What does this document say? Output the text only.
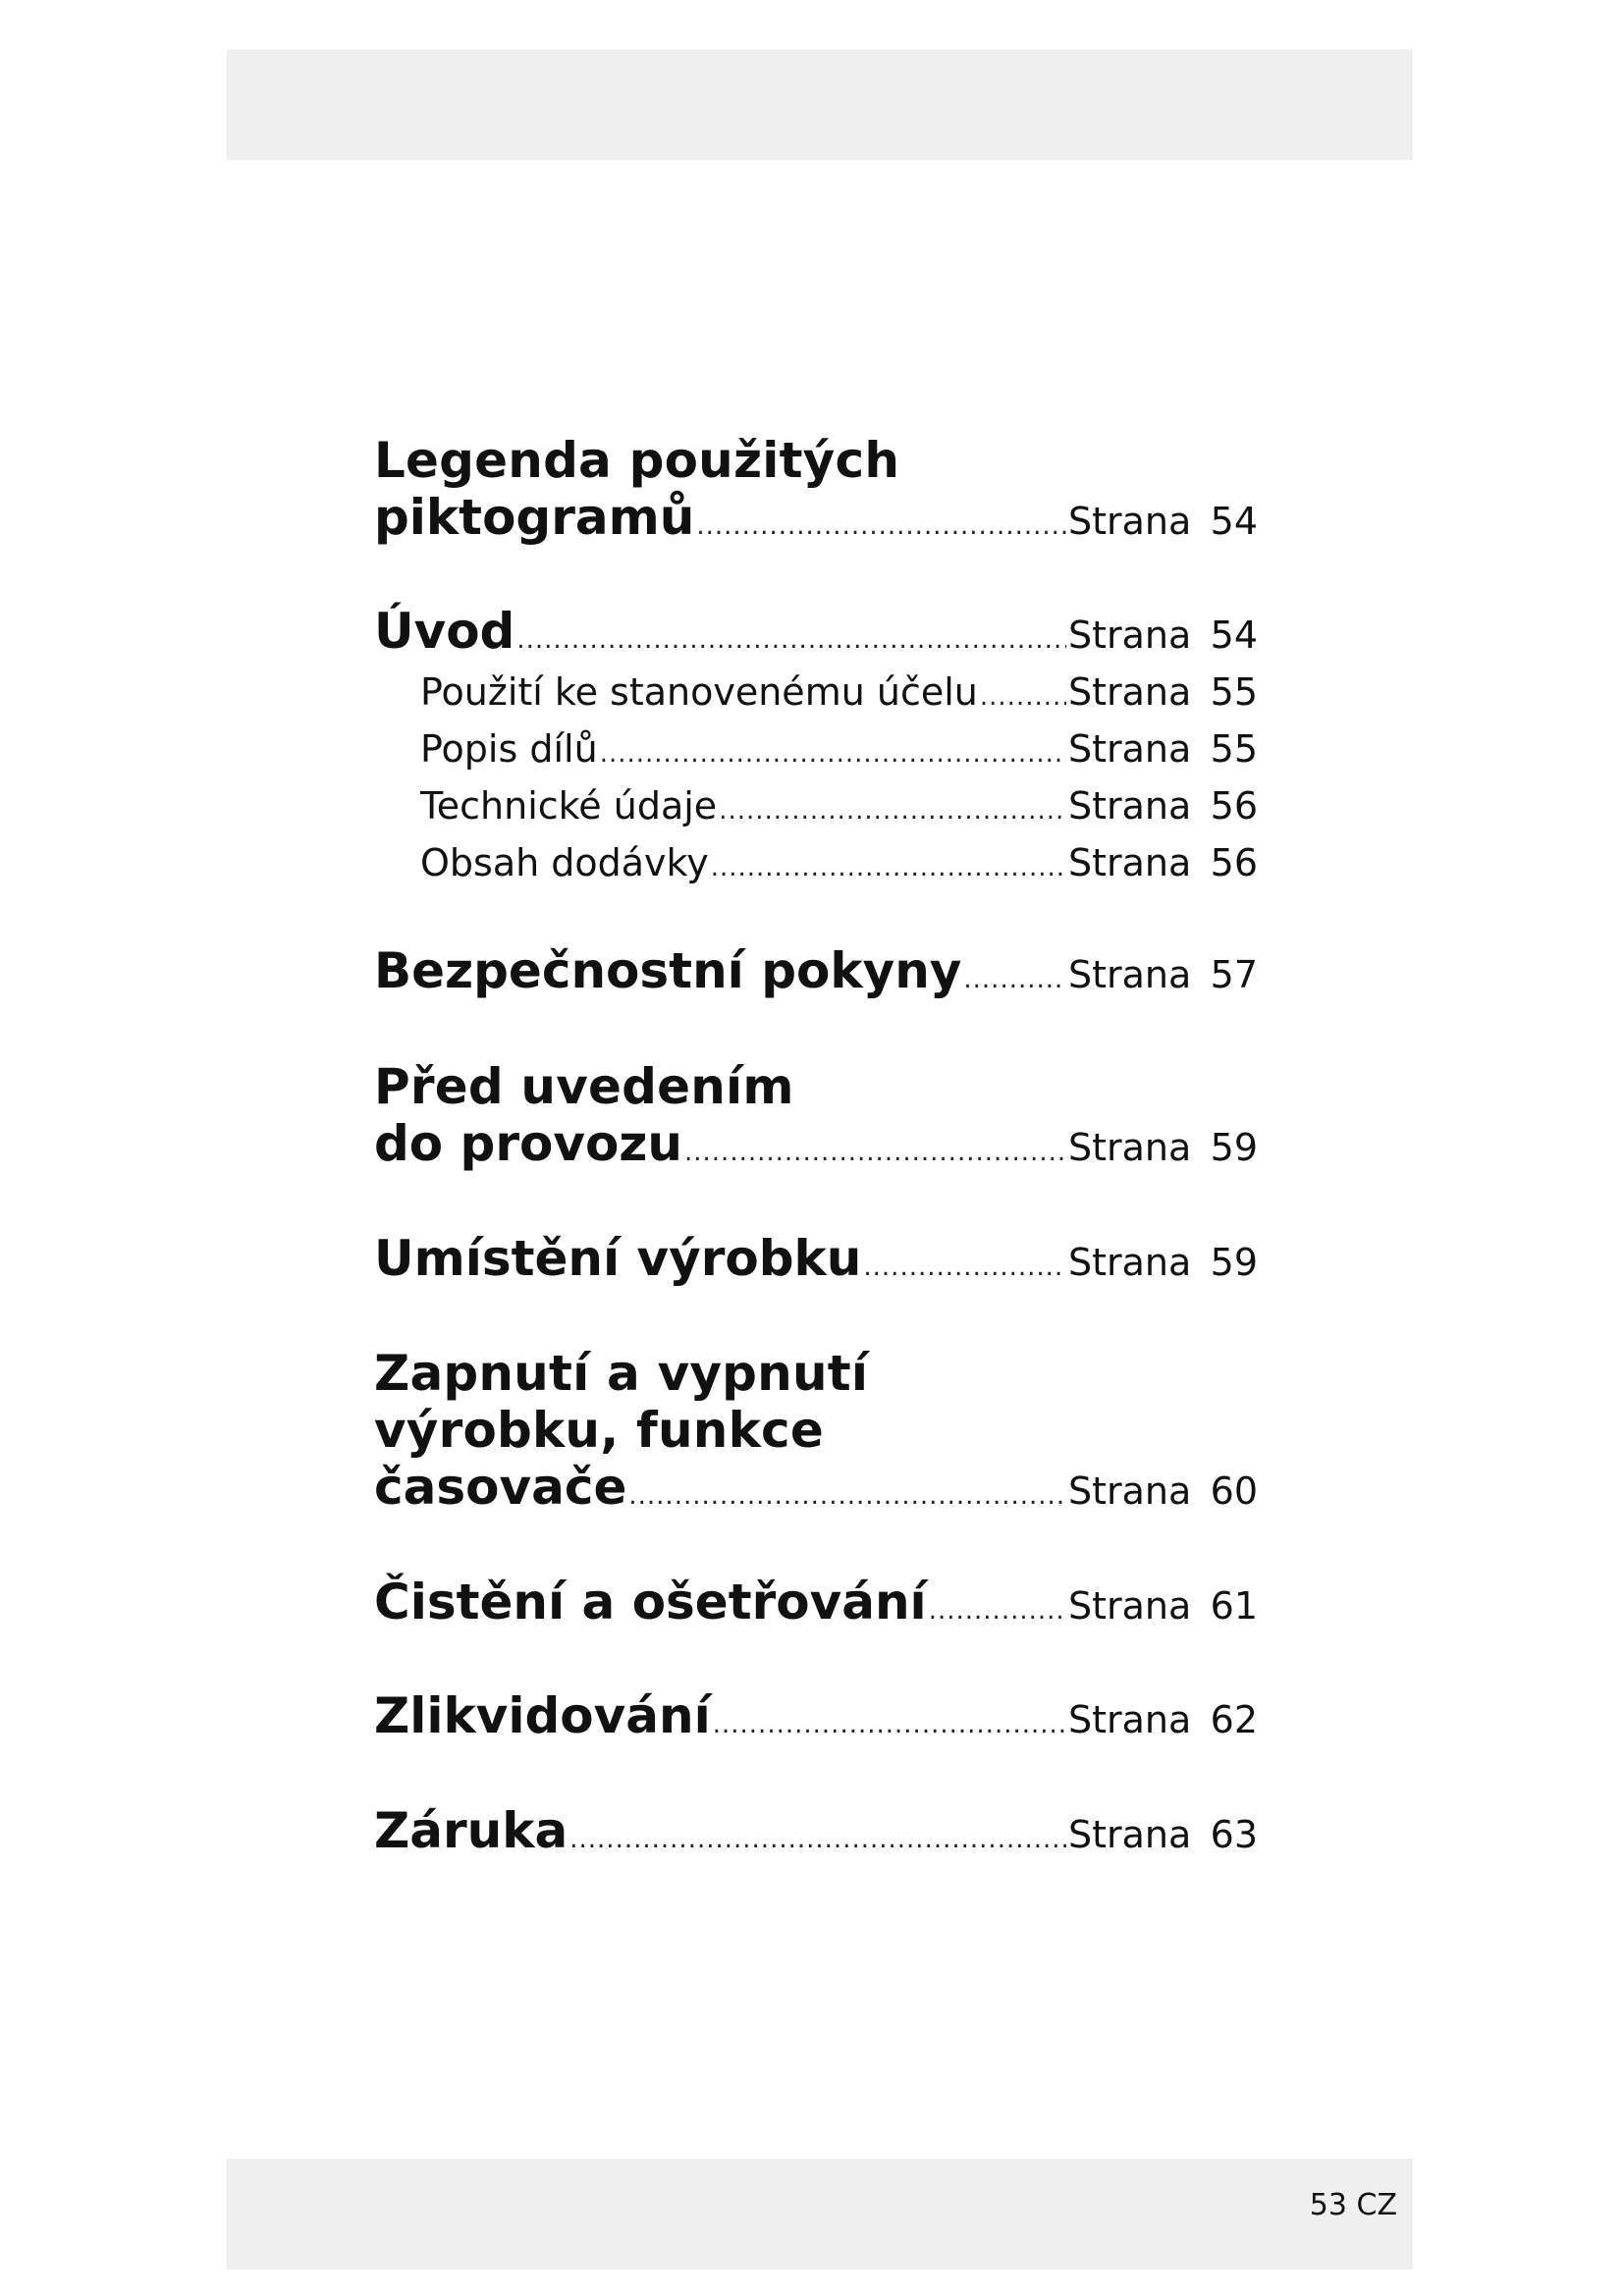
Legenda použitých
piktogramů .....	Strana 54
Úvod .....	Strana 54
Použití ke stanovenému účelu ..... Strana 55
Popis dílů .....	Strana 55
Technické údaje .....	Strana 56
Obsah dodávky .....	Strana 56
Bezpečnostní pokyny .....	Strana 57
Před uvedením
do provozu .....	Strana 59
Umístění výrobku .....	Strana 59
Zapnutí a vypnutí
výrobku, funkce
časovače .....	Strana 60
Čistění a ošetřování .....	Strana 61
Zlikvidování .....	Strana 62
Záruka .....	Strana 63
53 CZ
